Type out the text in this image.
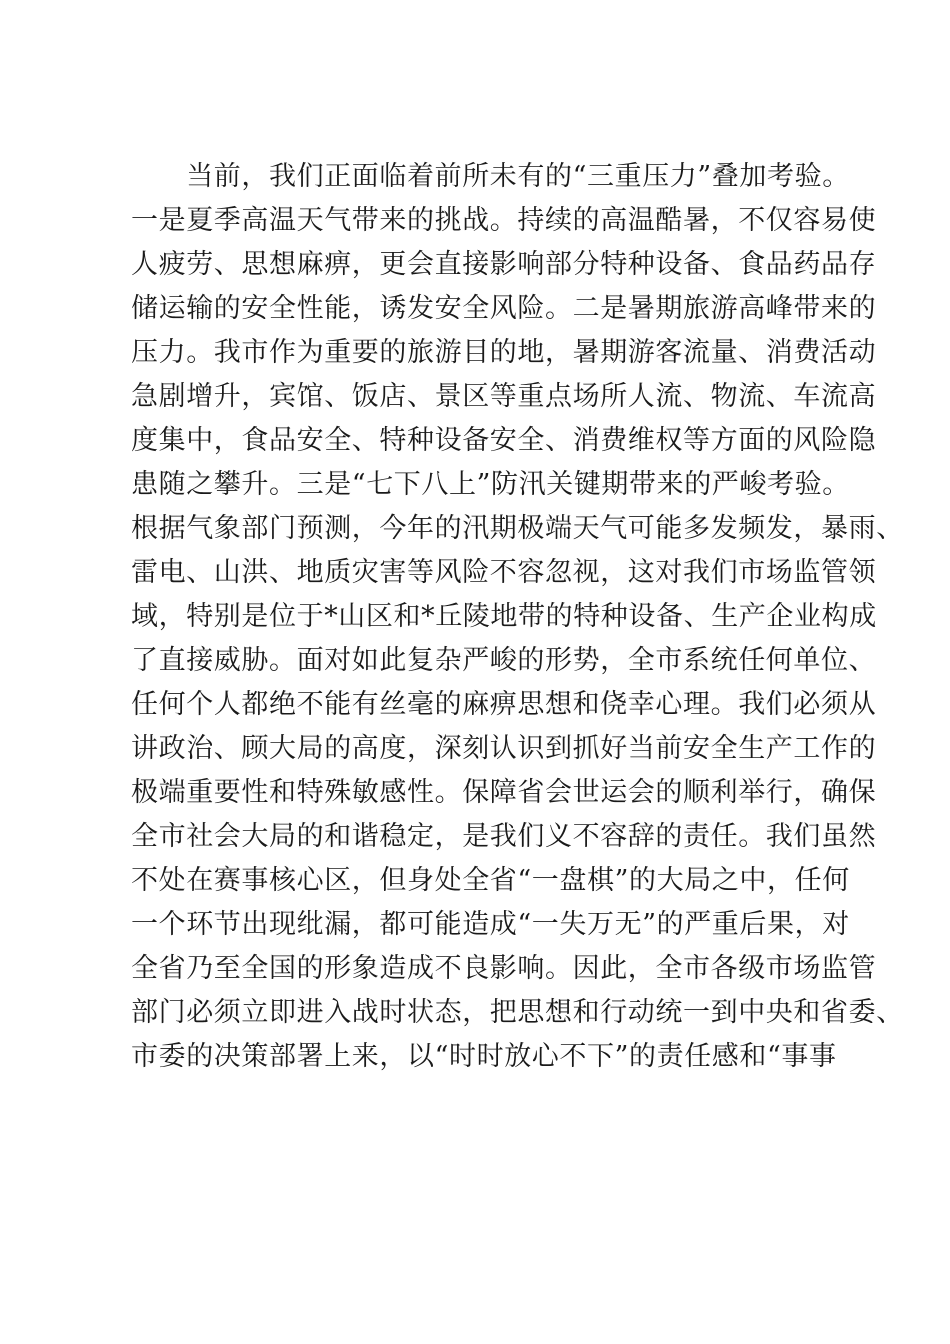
　　当前，我们正面临着前所未有的“三重压力”叠加考验。
一是夏季高温天气带来的挑战。持续的高温酷暑，不仅容易使
人疲劳、思想麻痹，更会直接影响部分特种设备、食品药品存
储运输的安全性能，诱发安全风险。二是暑期旅游高峰带来的
压力。我市作为重要的旅游目的地，暑期游客流量、消费活动
急剧增升，宾馆、饭店、景区等重点场所人流、物流、车流高
度集中，食品安全、特种设备安全、消费维权等方面的风险隐
患随之攀升。三是“七下八上”防汛关键期带来的严峻考验。
根据气象部门预测，今年的汛期极端天气可能多发频发，暴雨、
雷电、山洪、地质灾害等风险不容忽视，这对我们市场监管领
域，特别是位于*山区和*丘陵地带的特种设备、生产企业构成
了直接威胁。面对如此复杂严峻的形势，全市系统任何单位、
任何个人都绝不能有丝毫的麻痹思想和侥幸心理。我们必须从
讲政治、顾大局的高度，深刻认识到抓好当前安全生产工作的
极端重要性和特殊敏感性。保障省会世运会的顺利举行，确保
全市社会大局的和谐稳定，是我们义不容辞的责任。我们虽然
不处在赛事核心区，但身处全省“一盘棋”的大局之中，任何
一个环节出现纰漏，都可能造成“一失万无”的严重后果，对
全省乃至全国的形象造成不良影响。因此，全市各级市场监管
部门必须立即进入战时状态，把思想和行动统一到中央和省委、
市委的决策部署上来，以“时时放心不下”的责任感和“事事
